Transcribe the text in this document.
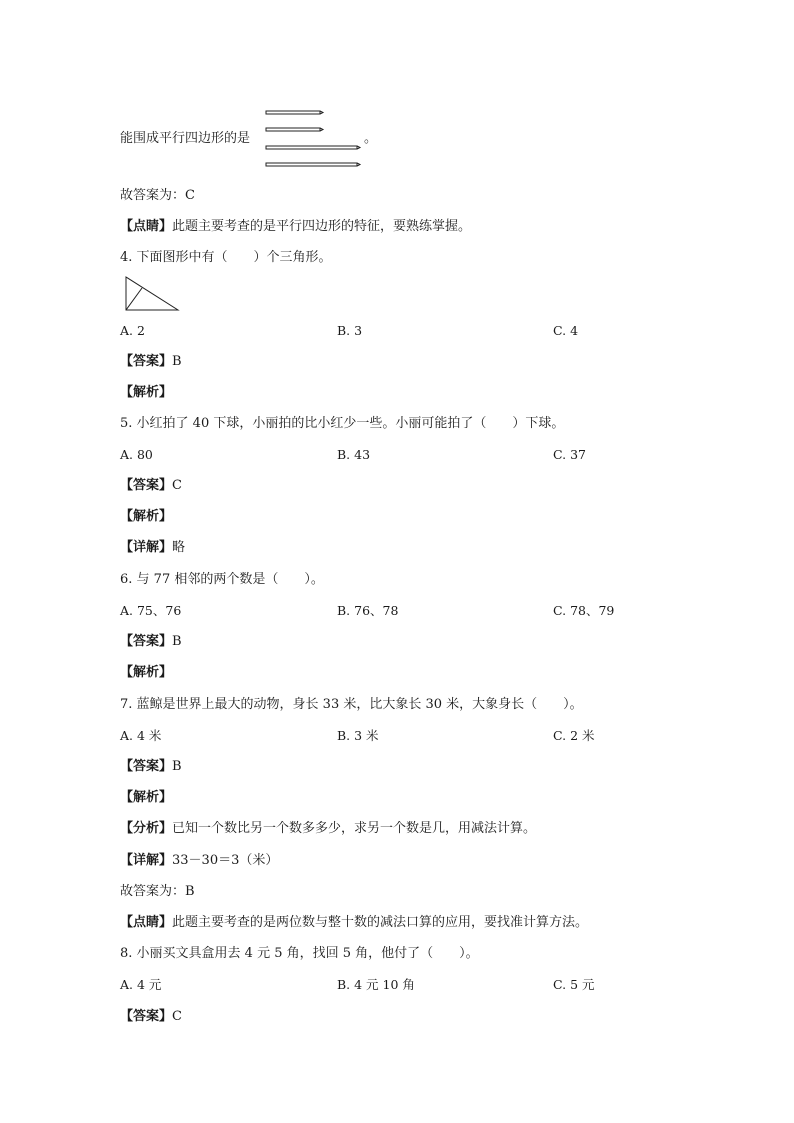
能围成平行四边形的是	。
故答案为：C
【点睛】此题主要考查的是平行四边形的特征，要熟练掌握。
4. 下面图形中有（　　）个三角形。
A. 2	B. 3	C. 4
【答案】B
【解析】
5. 小红拍了 40 下球，小丽拍的比小红少一些。小丽可能拍了（　　）下球。
A. 80	B. 43	C. 37
【答案】C
【解析】
【详解】略
6. 与 77 相邻的两个数是（　　）。
A. 75、76	B. 76、78	C. 78、79
【答案】B
【解析】
7. 蓝鲸是世界上最大的动物，身长 33 米，比大象长 30 米，大象身长（　　）。
A. 4 米	B. 3 米	C. 2 米
【答案】B
【解析】
【分析】已知一个数比另一个数多多少，求另一个数是几，用减法计算。
【详解】33－30＝3（米）
故答案为：B
【点睛】此题主要考查的是两位数与整十数的减法口算的应用，要找准计算方法。
8. 小丽买文具盒用去 4 元 5 角，找回 5 角，他付了（　　）。
A. 4 元	B. 4 元 10 角	C. 5 元
【答案】C
